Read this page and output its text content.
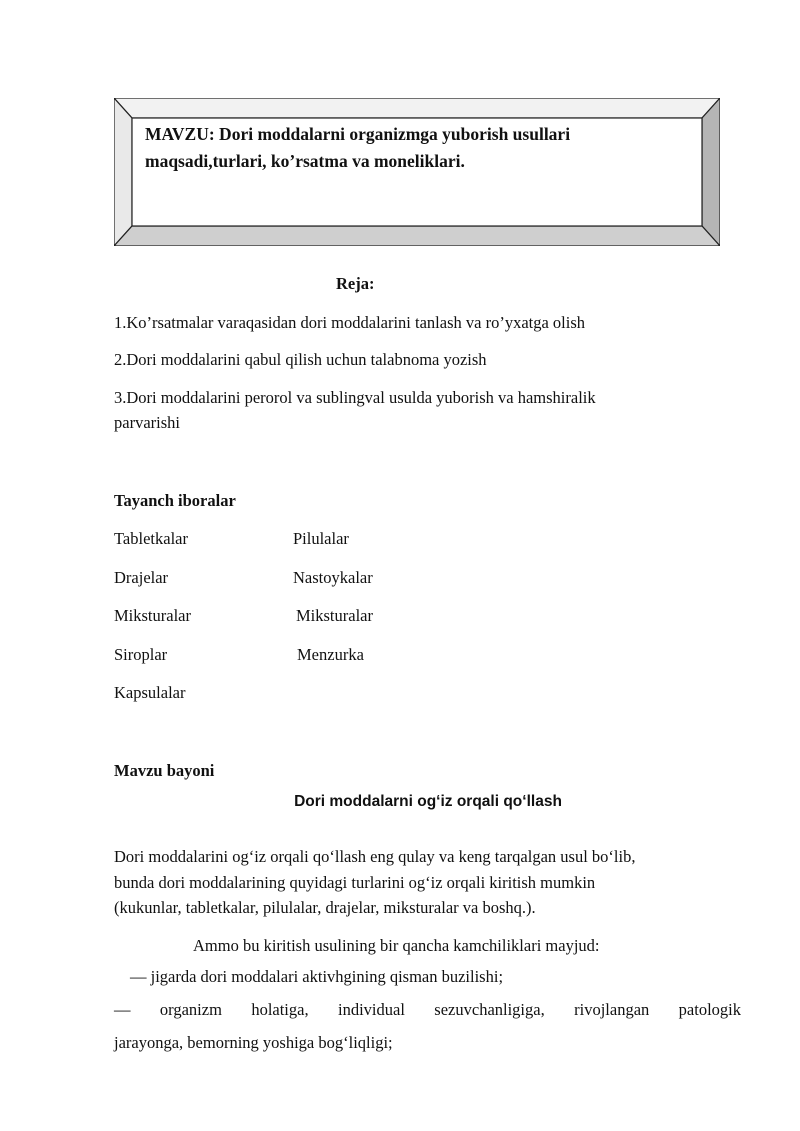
MAVZU: Dori moddalarni organizmga yuborish usullari
maqsadi,turlari, ko’rsatma va moneliklari.
Reja:
1.Ko’rsatmalar varaqasidan dori moddalarini tanlash va ro’yxatga olish
2.Dori moddalarini qabul qilish uchun talabnoma yozish
3.Dori moddalarini perorol va sublingval usulda yuborish va hamshiralik
parvarishi
Tayanch iboralar
Tabletkalar	Pilulalar
Drajelar	Nastoykalar
Miksturalar	Miksturalar
Siroplar	Menzurka
Kapsulalar
Mavzu bayoni
Dori moddalarni og‘iz orqali qo‘llash
Dori moddalarini og‘iz orqali qo‘llash eng qulay va keng tarqalgan usul bo‘lib,
bunda dori moddalarining quyidagi turlarini og‘iz orqali kiritish mumkin
(kukunlar, tabletkalar, pilulalar, drajelar, miksturalar va boshq.).
Ammo bu kiritish usulining bir qancha kamchiliklari mayjud:
— jigarda dori moddalari aktivhgining qisman buzilishi;
— organizm holatiga, individual sezuvchanligiga, rivojlangan patologik
jarayonga, bemorning yoshiga bog‘liqligi;
